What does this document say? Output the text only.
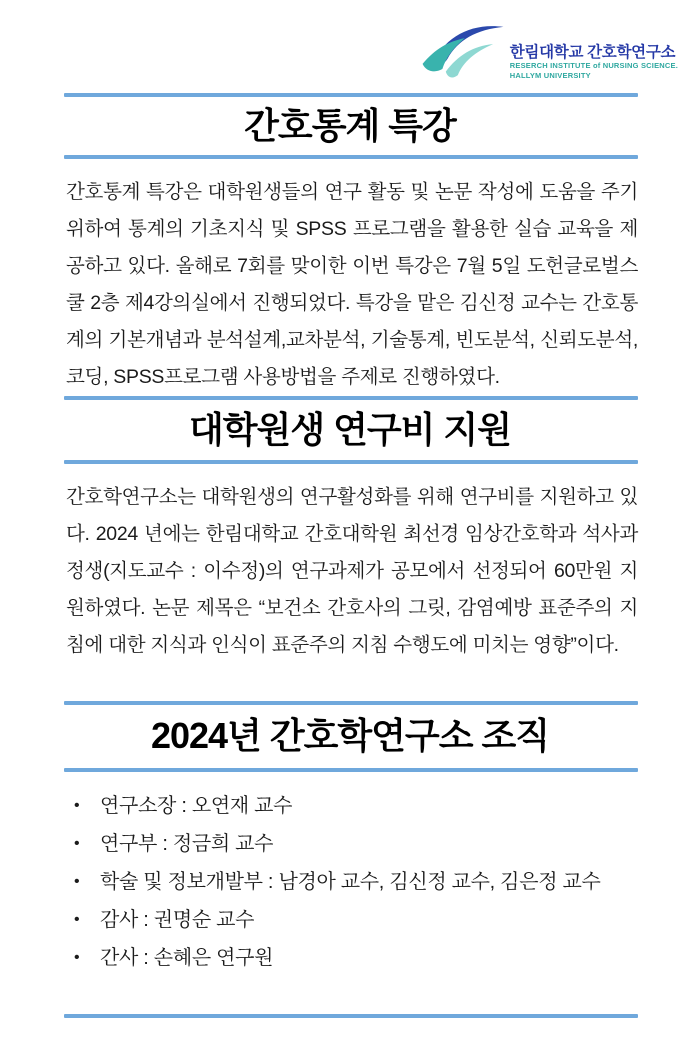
한림대학교 간호학연구소
RESERCH INSTITUTE of NURSING SCIENCE.
HALLYM UNIVERSITY
간호통계 특강

간호통계 특강은 대학원생들의 연구 활동 및 논문 작성에 도움을 주기 위하여 통계의 기초지식 및 SPSS 프로그램을 활용한 실습 교육을 제공하고 있다. 올해로 7회를 맞이한 이번 특강은 7월 5일 도헌글로벌스쿨 2층 제4강의실에서 진행되었다. 특강을 맡은 김신정 교수는 간호통계의 기본개념과 분석설계,교차분석, 기술통계, 빈도분석, 신뢰도분석, 코딩, SPSS프로그램 사용방법을 주제로 진행하였다.

대학원생 연구비 지원

간호학연구소는 대학원생의 연구활성화를 위해 연구비를 지원하고 있다. 2024 년에는 한림대학교 간호대학원 최선경 임상간호학과 석사과정생(지도교수 : 이수정)의 연구과제가 공모에서 선정되어 60만원 지원하였다. 논문 제목은 “보건소 간호사의 그릿, 감염예방 표준주의 지침에 대한 지식과 인식이 표준주의 지침 수행도에 미치는 영향”이다.

2024년 간호학연구소 조직
•	연구소장 : 오연재 교수
•	연구부 : 정금희 교수
•	학술 및 정보개발부 : 남경아 교수, 김신정 교수, 김은정 교수
•	감사 : 권명순 교수
•	간사 : 손혜은 연구원
